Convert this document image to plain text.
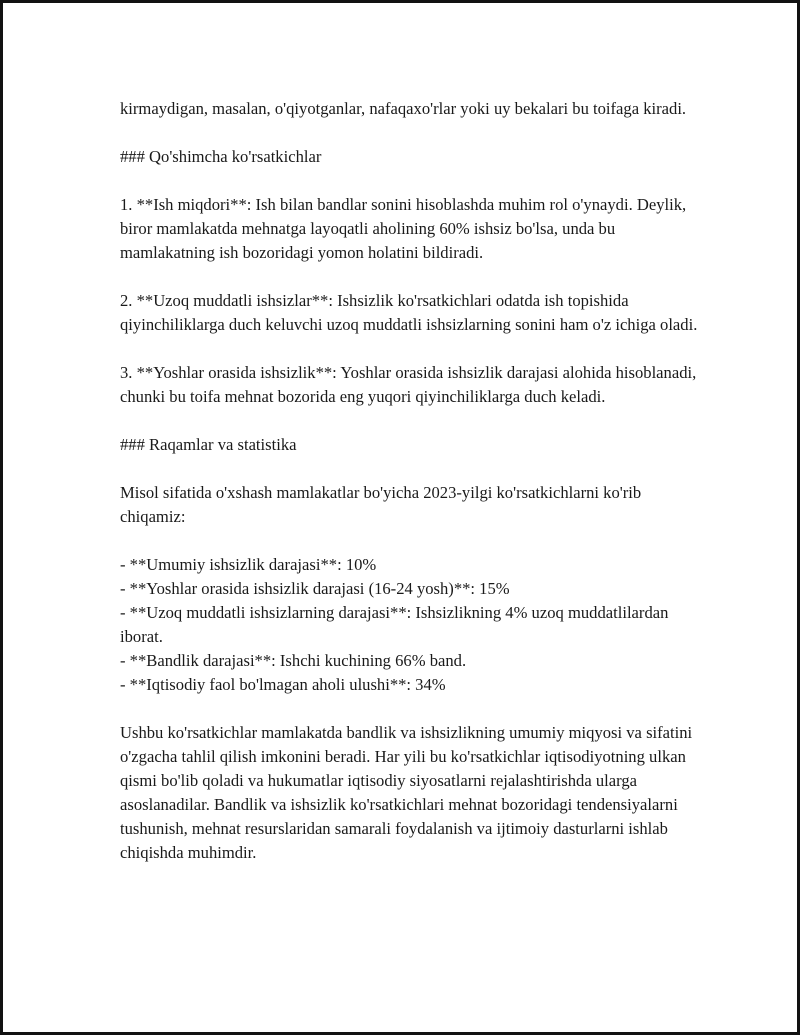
kirmaydigan, masalan, o'qiyotganlar, nafaqaxo'rlar yoki uy bekalari bu toifaga kiradi.

### Qo'shimcha ko'rsatkichlar

1. **Ish miqdori**: Ish bilan bandlar sonini hisoblashda muhim rol o'ynaydi. Deylik, biror mamlakatda mehnatga layoqatli aholining 60% ishsiz bo'lsa, unda bu mamlakatning ish bozoridagi yomon holatini bildiradi.

2. **Uzoq muddatli ishsizlar**: Ishsizlik ko'rsatkichlari odatda ish topishida qiyinchiliklarga duch keluvchi uzoq muddatli ishsizlarning sonini ham o'z ichiga oladi.

3. **Yoshlar orasida ishsizlik**: Yoshlar orasida ishsizlik darajasi alohida hisoblanadi, chunki bu toifa mehnat bozorida eng yuqori qiyinchiliklarga duch keladi.

### Raqamlar va statistika

Misol sifatida o'xshash mamlakatlar bo'yicha 2023-yilgi ko'rsatkichlarni ko'rib chiqamiz:

- **Umumiy ishsizlik darajasi**: 10%

- **Yoshlar orasida ishsizlik darajasi (16-24 yosh)**: 15%

- **Uzoq muddatli ishsizlarning darajasi**: Ishsizlikning 4% uzoq muddatlilardan iborat.

- **Bandlik darajasi**: Ishchi kuchining 66% band.

- **Iqtisodiy faol bo'lmagan aholi ulushi**: 34%

Ushbu ko'rsatkichlar mamlakatda bandlik va ishsizlikning umumiy miqyosi va sifatini o'zgacha tahlil qilish imkonini beradi. Har yili bu ko'rsatkichlar iqtisodiyotning ulkan qismi bo'lib qoladi va hukumatlar iqtisodiy siyosatlarni rejalashtirishda ularga asoslanadilar. Bandlik va ishsizlik ko'rsatkichlari mehnat bozoridagi tendensiyalarni tushunish, mehnat resurslaridan samarali foydalanish va ijtimoiy dasturlarni ishlab chiqishda muhimdir.
